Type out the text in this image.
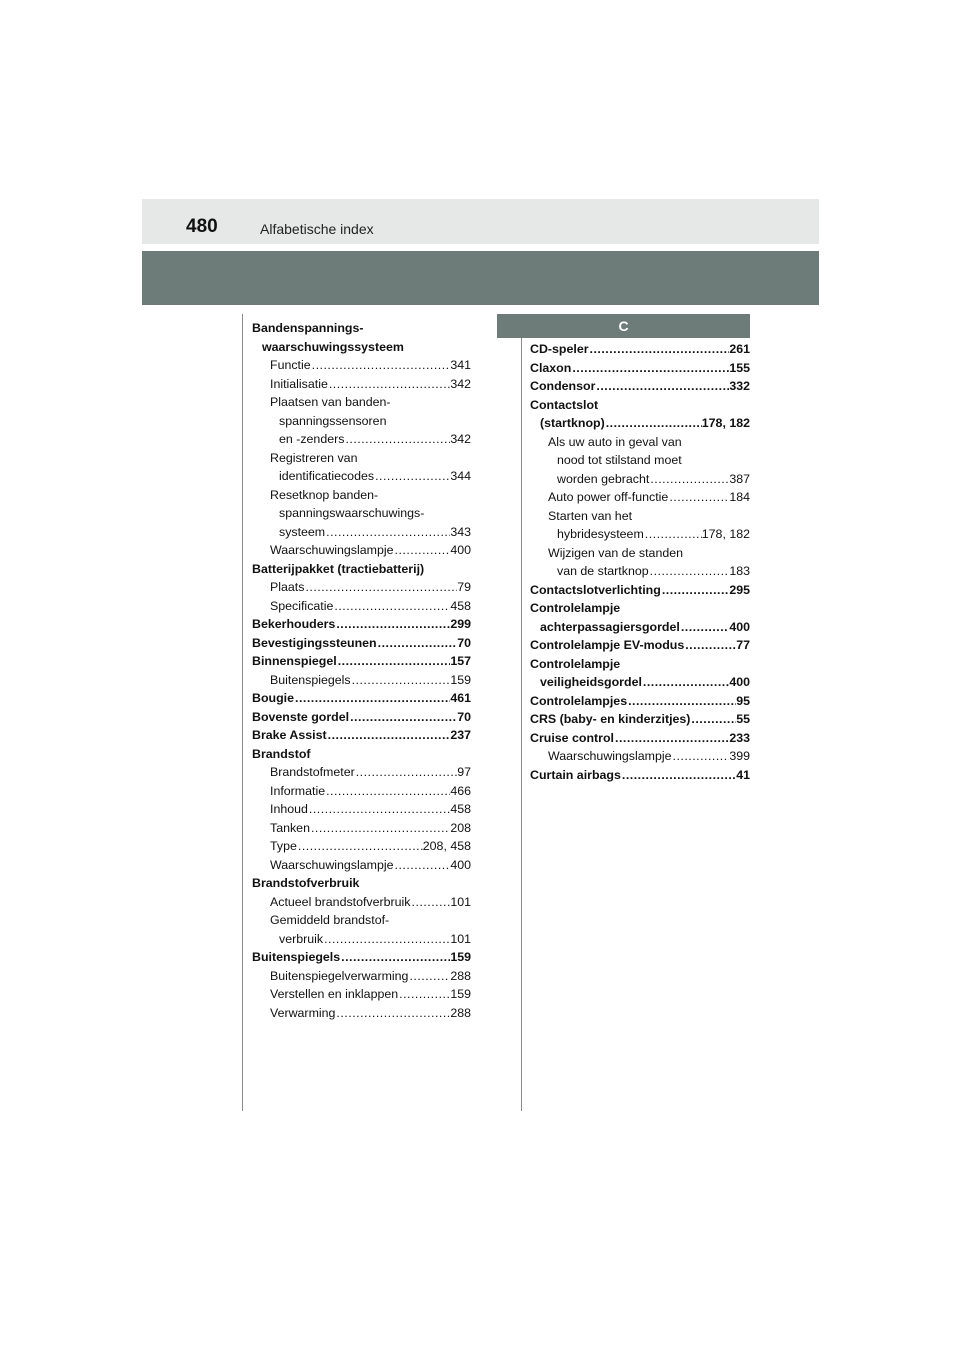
480	Alfabetische index
C
Bandenspannings-
waarschuwingssysteem
Functie .....	341
Initialisatie .....	342
Plaatsen van banden-
spanningssensoren
en -zenders .....	342
Registreren van
identificatiecodes .....	344
Resetknop banden-
spanningswaarschuwings-
systeem .....	343
Waarschuwingslampje .....	400
Batterijpakket (tractiebatterij)
Plaats .....	79
Specificatie .....	458
Bekerhouders .....	299
Bevestigingssteunen .....	70
Binnenspiegel .....	157
Buitenspiegels .....	159
Bougie .....	461
Bovenste gordel .....	70
Brake Assist .....	237
Brandstof
Brandstofmeter .....	97
Informatie .....	466
Inhoud .....	458
Tanken .....	208
Type .....	208, 458
Waarschuwingslampje .....	400
Brandstofverbruik
Actueel brandstofverbruik .....	101
Gemiddeld brandstof-
verbruik .....	101
Buitenspiegels .....	159
Buitenspiegelverwarming .....	288
Verstellen en inklappen .....	159
Verwarming .....	288
CD-speler .....	261
Claxon .....	155
Condensor .....	332
Contactslot
(startknop) .....	178, 182
Als uw auto in geval van
nood tot stilstand moet
worden gebracht .....	387
Auto power off-functie .....	184
Starten van het
hybridesysteem .....	178, 182
Wijzigen van de standen
van de startknop .....	183
Contactslotverlichting .....	295
Controlelampje
achterpassagiersgordel .....	400
Controlelampje EV-modus .....	77
Controlelampje
veiligheidsgordel .....	400
Controlelampjes .....	95
CRS (baby- en kinderzitjes) .....	55
Cruise control .....	233
Waarschuwingslampje .....	399
Curtain airbags .....	41
